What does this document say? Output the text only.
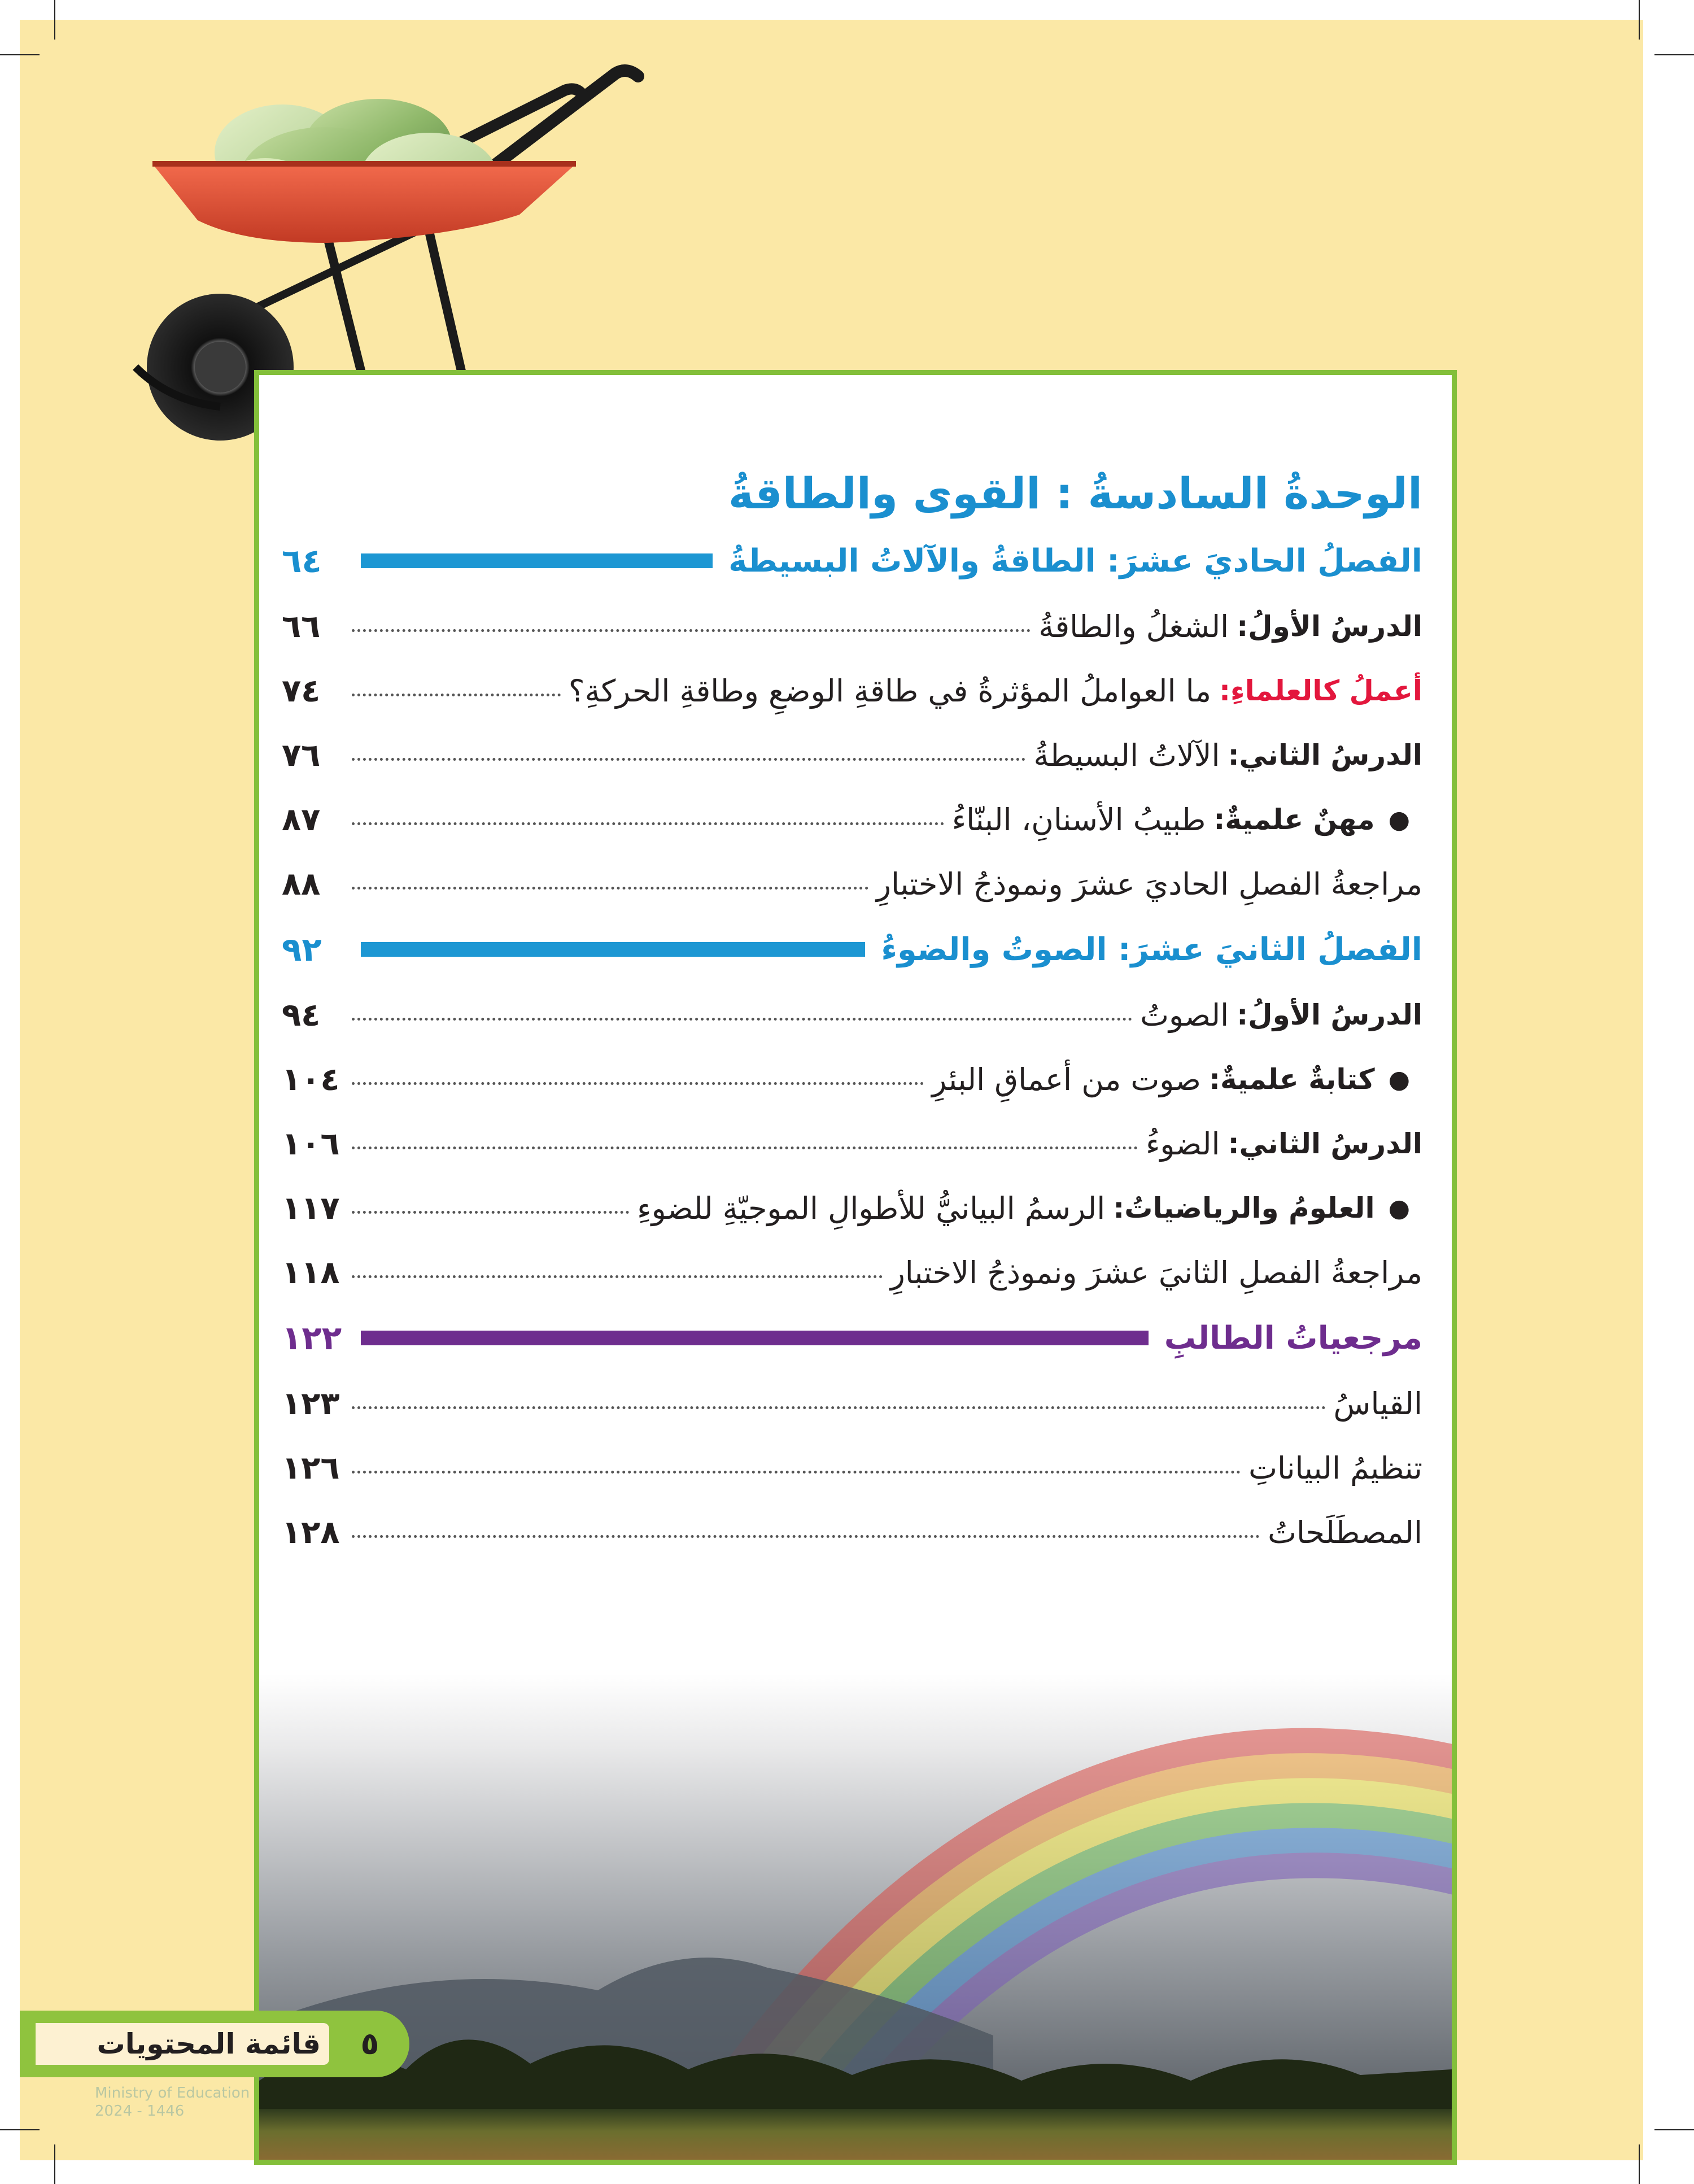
الوحدةُ السادسةُ : القوى والطاقةُ
الفصلُ الحاديَ عشرَ: الطاقةُ والآلاتُ البسيطةُ
٦٤
الدرسُ الأولُ:
الشغلُ والطاقةُ
٦٦
أعملُ كالعلماءِ:
ما العواملُ المؤثرةُ في طاقةِ الوضعِ وطاقةِ الحركةِ؟
٧٤
الدرسُ الثاني:
الآلاتُ البسيطةُ
٧٦
●
مهنٌ علميةٌ:
طبيبُ الأسنانِ، البنّاءُ
٨٧
مراجعةُ الفصلِ الحاديَ عشرَ ونموذجُ الاختبارِ
٨٨
الفصلُ الثانيَ عشرَ: الصوتُ والضوءُ
٩٢
الدرسُ الأولُ:
الصوتُ
٩٤
●
كتابةٌ علميةٌ:
صوت من أعماقِ البئرِ
١٠٤
الدرسُ الثاني:
الضوءُ
١٠٦
●
العلومُ والرياضياتُ:
الرسمُ البيانيُّ للأطوالِ الموجيّةِ للضوءِ
١١٧
مراجعةُ الفصلِ الثانيَ عشرَ ونموذجُ الاختبارِ
١١٨
مرجعياتُ الطالبِ
١٢٢
القياسُ
١٢٣
تنظيمُ البياناتِ
١٢٦
المصطَلَحاتُ
١٢٨
Ministry of Education
2024 - 1446
قائمة المحتويات	٥
